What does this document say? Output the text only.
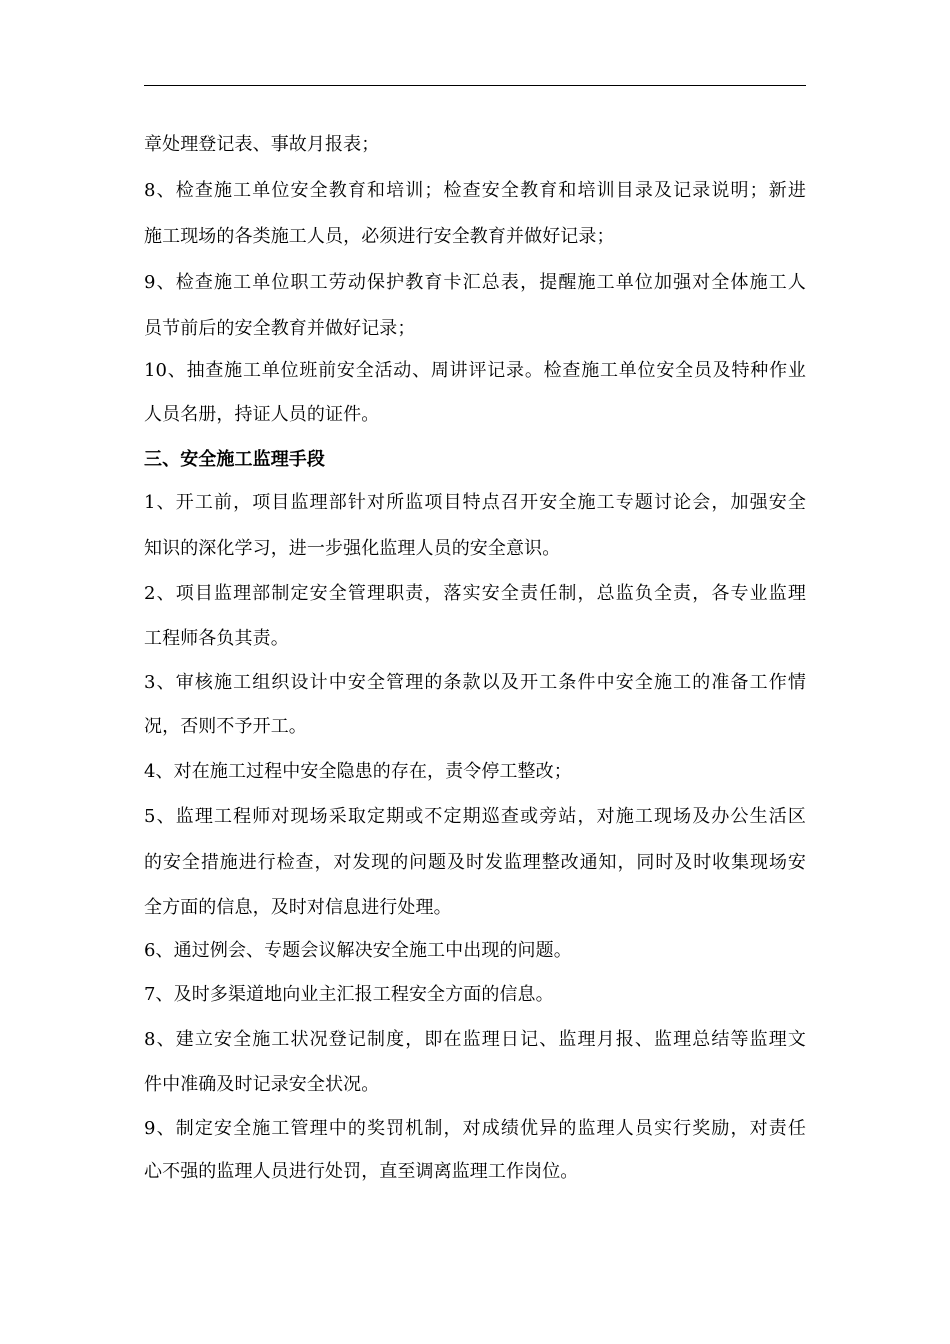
章处理登记表、事故月报表；
8、检查施工单位安全教育和培训；检查安全教育和培训目录及记录说明；新进
施工现场的各类施工人员，必须进行安全教育并做好记录；
9、检查施工单位职工劳动保护教育卡汇总表，提醒施工单位加强对全体施工人
员节前后的安全教育并做好记录；
10、抽查施工单位班前安全活动、周讲评记录。检查施工单位安全员及特种作业
人员名册，持证人员的证件。
三、安全施工监理手段
1、开工前，项目监理部针对所监项目特点召开安全施工专题讨论会，加强安全
知识的深化学习，进一步强化监理人员的安全意识。
2、项目监理部制定安全管理职责，落实安全责任制，总监负全责，各专业监理
工程师各负其责。
3、审核施工组织设计中安全管理的条款以及开工条件中安全施工的准备工作情
况，否则不予开工。
4、对在施工过程中安全隐患的存在，责令停工整改；
5、监理工程师对现场采取定期或不定期巡查或旁站，对施工现场及办公生活区
的安全措施进行检查，对发现的问题及时发监理整改通知，同时及时收集现场安
全方面的信息，及时对信息进行处理。
6、通过例会、专题会议解决安全施工中出现的问题。
7、及时多渠道地向业主汇报工程安全方面的信息。
8、建立安全施工状况登记制度，即在监理日记、监理月报、监理总结等监理文
件中准确及时记录安全状况。
9、制定安全施工管理中的奖罚机制，对成绩优异的监理人员实行奖励，对责任
心不强的监理人员进行处罚，直至调离监理工作岗位。
